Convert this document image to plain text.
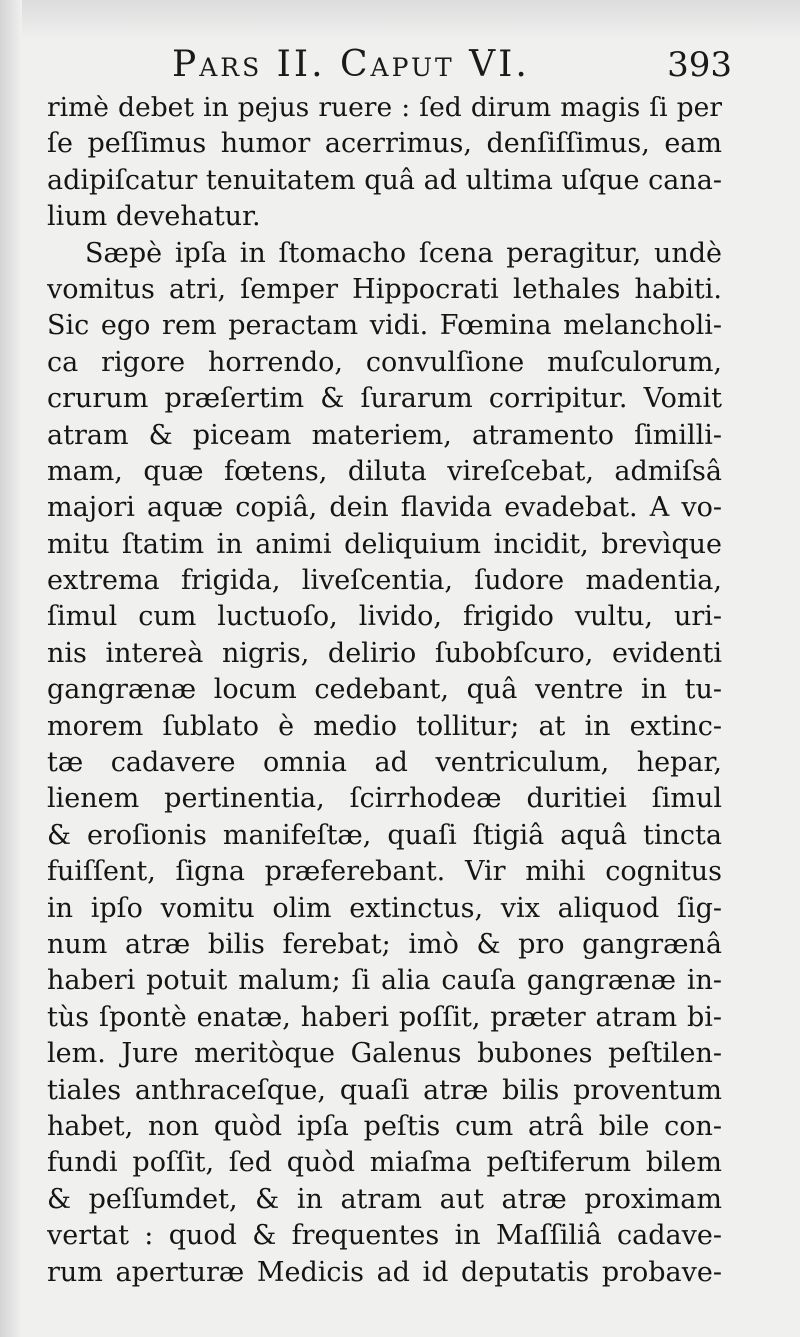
Pars II. Caput VI.	393
rimè debet in pejus ruere : ſed dirum magis ſi per
ſe peſſimus humor acerrimus, denſiſſimus, eam
adipiſcatur tenuitatem quâ ad ultima uſque cana-
lium devehatur.
Sæpè ipſa in ſtomacho ſcena peragitur, undè
vomitus atri, ſemper Hippocrati lethales habiti.
Sic ego rem peractam vidi. Fœmina melancholi-
ca rigore horrendo, convulſione muſculorum,
crurum præſertim & ſurarum corripitur. Vomit
atram & piceam materiem, atramento ſimilli-
mam, quæ fœtens, diluta vireſcebat, admiſsâ
majori aquæ copiâ, dein flavida evadebat. A vo-
mitu ſtatim in animi deliquium incidit, brevìque
extrema frigida, liveſcentia, ſudore madentia,
ſimul cum luctuoſo, livido, frigido vultu, uri-
nis intereà nigris, delirio ſubobſcuro, evidenti
gangrænæ locum cedebant, quâ ventre in tu-
morem ſublato è medio tollitur; at in extinc-
tæ cadavere omnia ad ventriculum, hepar,
lienem pertinentia, ſcirrhodeæ duritiei ſimul
& eroſionis manifeſtæ, quaſi ſtigiâ aquâ tincta
fuiſſent, ſigna præferebant. Vir mihi cognitus
in ipſo vomitu olim extinctus, vix aliquod ſig-
num atræ bilis ferebat; imò & pro gangrænâ
haberi potuit malum; ſi alia cauſa gangrænæ in-
tùs ſpontè enatæ, haberi poſſit, præter atram bi-
lem. Jure meritòque Galenus bubones peſtilen-
tiales anthraceſque, quaſi atræ bilis proventum
habet, non quòd ipſa peſtis cum atrâ bile con-
fundi poſſit, ſed quòd miaſma peſtiferum bilem
& peſſumdet, & in atram aut atræ proximam
vertat : quod & frequentes in Maſſiliâ cadave-
rum aperturæ Medicis ad id deputatis probave-
